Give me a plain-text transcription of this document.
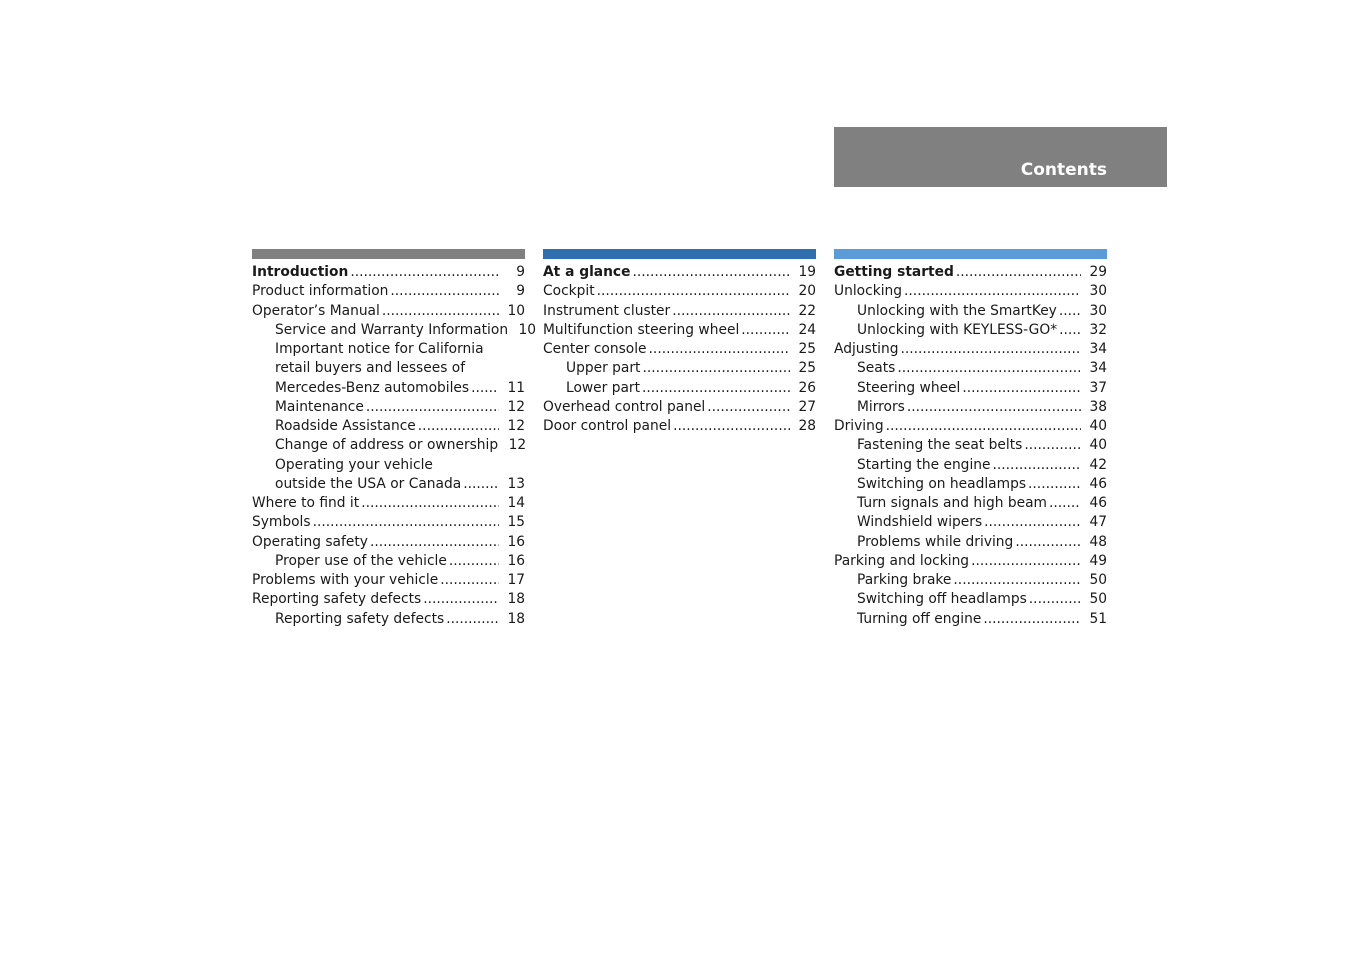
Contents
Introduction .....	9
Product information .....	9
Operator’s Manual .....	10
Service and Warranty Information 10
Important notice for California
retail buyers and lessees of
Mercedes-Benz automobiles .....	11
Maintenance .....	12
Roadside Assistance .....	12
Change of address or ownership 12
Operating your vehicle
outside the USA or Canada .....	13
Where to find it .....	14
Symbols .....	15
Operating safety .....	16
Proper use of the vehicle .....	16
Problems with your vehicle .....	17
Reporting safety defects .....	18
Reporting safety defects .....	18
At a glance .....	19
Cockpit .....	20
Instrument cluster .....	22
Multifunction steering wheel .....	24
Center console .....	25
Upper part .....	25
Lower part .....	26
Overhead control panel .....	27
Door control panel .....	28
Getting started .....	29
Unlocking .....	30
Unlocking with the SmartKey .....	30
Unlocking with KEYLESS-GO* .....	32
Adjusting .....	34
Seats .....	34
Steering wheel .....	37
Mirrors .....	38
Driving .....	40
Fastening the seat belts .....	40
Starting the engine .....	42
Switching on headlamps .....	46
Turn signals and high beam .....	46
Windshield wipers .....	47
Problems while driving .....	48
Parking and locking .....	49
Parking brake .....	50
Switching off headlamps .....	50
Turning off engine .....	51
